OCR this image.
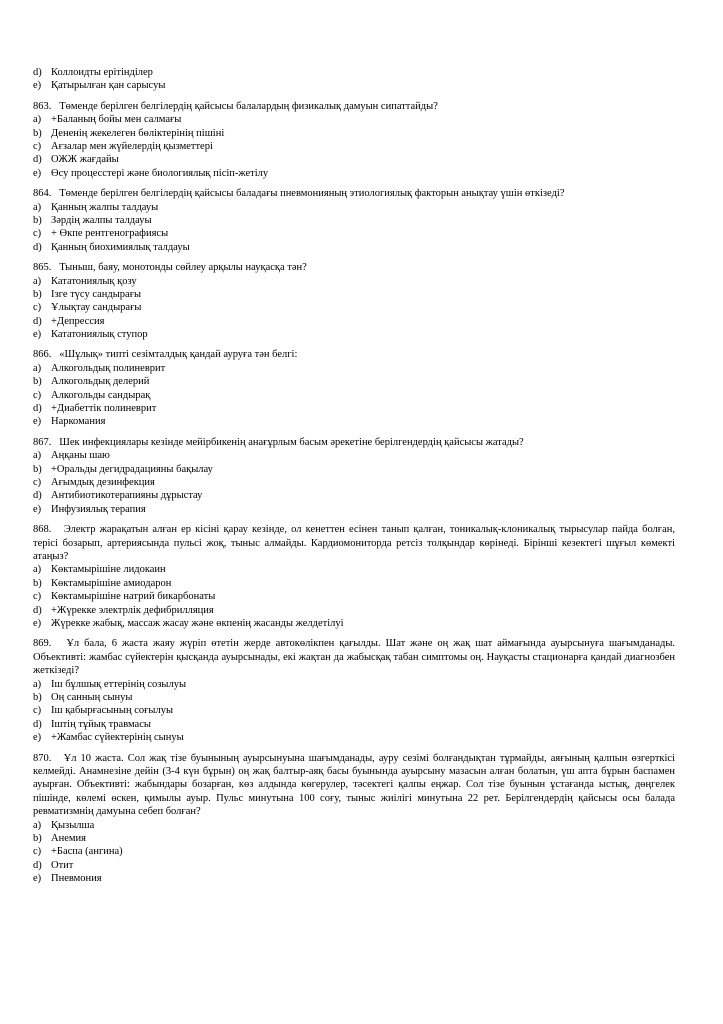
d) Коллоидты ерітінділер
e) Қатырылған қан сарысуы
863. Төменде берілген белгілердің қайсысы балалардың физикалық дамуын сипаттайды?
a) +Баланың бойы мен салмағы
b) Дененің жекелеген бөліктерінің пішіні
c) Ағзалар мен жүйелердің қызметтері
d) ОЖЖ жағдайы
e) Өсу процесстері және биологиялық пісіп-жетілу
864. Төменде берілген белгілердің қайсысы баладағы пневмонияның этиологиялық факторын анықтау үшін өткізеді?
a) Қанның жалпы талдауы
b) Зәрдің жалпы талдауы
c) + Өкпе рентгенографиясы
d) Қанның биохимиялық талдауы
865. Тыныш, баяу, монотонды сөйлеу арқылы науқасқа тән?
a) Кататониялық қозу
b) Ізге түсу сандырағы
c) Ұлықтау сандырағы
d) +Депрессия
e) Кататониялық ступор
866. «Шұлық» типті сезімталдық қандай ауруға тән белгі:
a) Алкогольдық полиневрит
b) Алкогольдық делерий
c) Алкогольды сандырақ
d) +Диабеттік полиневрит
e) Наркомания
867. Шек инфекциялары кезінде мейірбикенің анағұрлым басым әрекетіне берілгендердің қайсысы жатады?
a) Аңқаны шаю
b) +Оральды дегидрадацияны бақылау
c) Ағымдық дезинфекция
d) Антибиотикотерапияны дұрыстау
e) Инфузиялық терапия
868. Электр жарақатын алған ер кісіні қарау кезінде, ол кенеттен есінен танып қалған, тоникалық-клоникалық тырысулар пайда болған, терісі бозарып, артериясында пульсі жоқ, тыныс алмайды. Кардиомониторда ретсіз толқындар көрінеді. Бірінші кезектегі шұғыл көмекті атаңыз?
a) Көктамырішіне лидокаин
b) Көктамырішіне амиодарон
c) Көктамырішіне натрий бикарбонаты
d) +Жүрекке электрлік дефибрилляция
e) Жүрекке жабық, массаж жасау және өкпенің жасанды желдетілуі
869. Ұл бала, 6 жаста жаяу жүріп өтетін жерде автокөлікпен қағылды. Шат және оң жақ шат аймағында ауырсынуға шағымданады. Объективті: жамбас сүйектерін қысқанда ауырсынады, екі жақтан да жабысқақ табан симптомы оң. Науқасты стационарға қандай диагнозбен жеткізеді?
a) Іш бұлшық еттерінің созылуы
b) Оң санның сынуы
c) Іш қабырғасының соғылуы
d) Іштің тұйық травмасы
e) +Жамбас сүйектерінің сынуы
870. Ұл 10 жаста. Сол жақ тізе буынының ауырсынуына шағымданады, ауру сезімі болғандықтан тұрмайды, аяғының қалпын өзгерткісі келмейді. Анамнезіне дейін (3-4 күн бұрын) оң жақ балтыр-аяқ басы буынында ауырсыну мазасын алған болатын, үш апта бұрын баспамен ауырған. Объективті: жабындары бозарған, көз алдында көгерулер, тәсектегі қалпы еңжар. Сол тізе буынын ұстағанда ыстық, дөңгелек пішінде, көлемі өскен, қимылы ауыр. Пульс минутына 100 соғу, тыныс жиілігі минутына 22 рет. Берілгендердің қайсысы осы балада ревматизмнің дамуына себеп болған?
a) Қызылша
b) Анемия
c) +Баспа (ангина)
d) Отит
e) Пневмония
